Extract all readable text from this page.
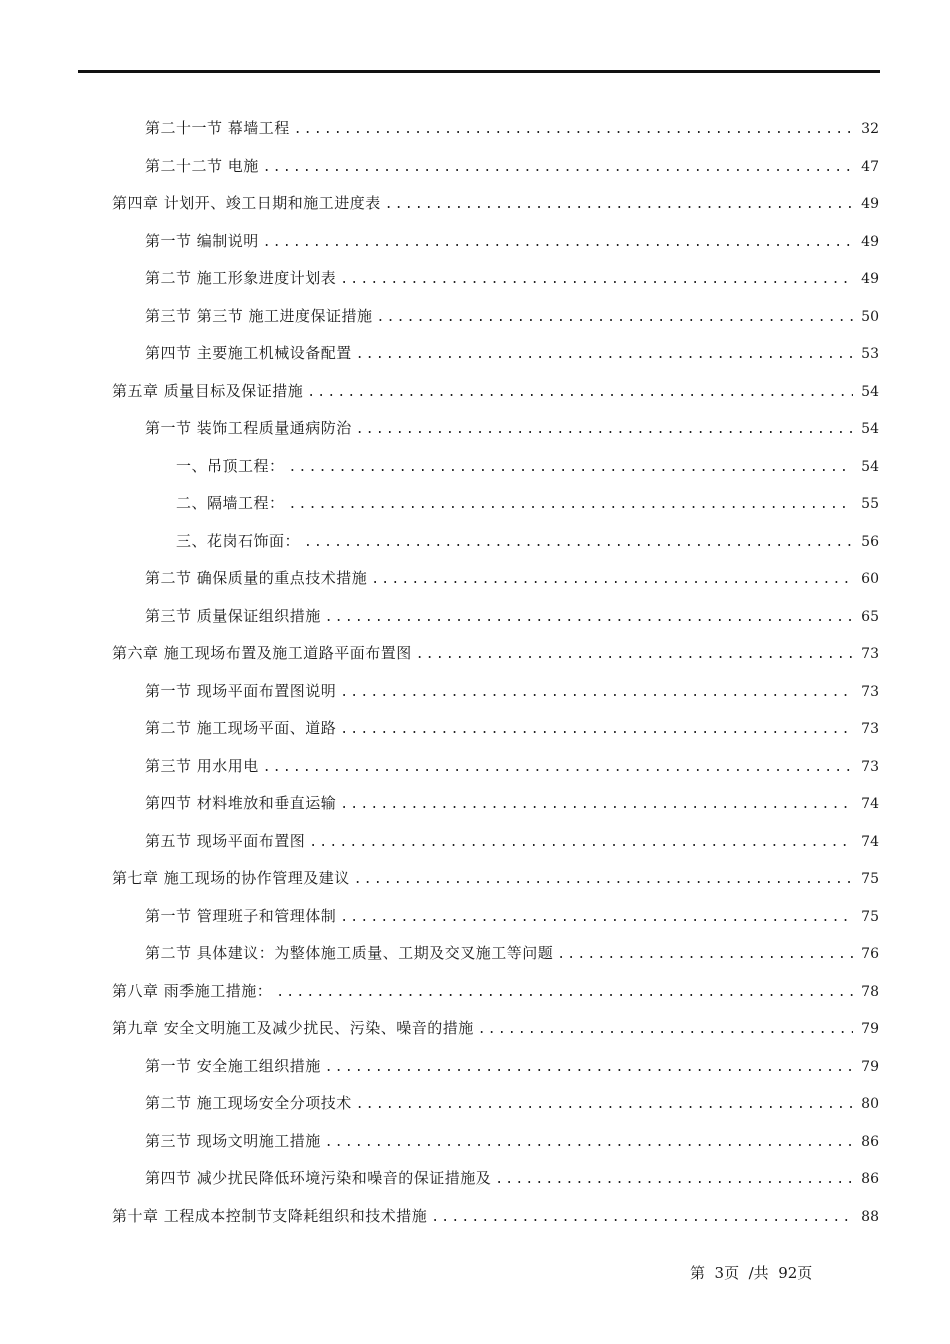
第二十一节 幕墙工程 .....	32
第二十二节 电施 .....	47
第四章 计划开、竣工日期和施工进度表 .....	49
第一节 编制说明 .....	49
第二节 施工形象进度计划表 .....	49
第三节 第三节 施工进度保证措施 .....	50
第四节 主要施工机械设备配置 .....	53
第五章 质量目标及保证措施 .....	54
第一节 装饰工程质量通病防治 .....	54
一、吊顶工程： .....	54
二、隔墙工程： .....	55
三、花岗石饰面： .....	56
第二节 确保质量的重点技术措施 .....	60
第三节 质量保证组织措施 .....	65
第六章 施工现场布置及施工道路平面布置图 .....	73
第一节 现场平面布置图说明 .....	73
第二节 施工现场平面、道路 .....	73
第三节 用水用电 .....	73
第四节 材料堆放和垂直运输 .....	74
第五节 现场平面布置图 .....	74
第七章 施工现场的协作管理及建议 .....	75
第一节 管理班子和管理体制 .....	75
第二节 具体建议：为整体施工质量、工期及交叉施工等问题 .....	76
第八章 雨季施工措施： .....	78
第九章 安全文明施工及减少扰民、污染、噪音的措施 .....	79
第一节 安全施工组织措施 .....	79
第二节 施工现场安全分项技术 .....	80
第三节 现场文明施工措施 .....	86
第四节 减少扰民降低环境污染和噪音的保证措施及 .....	86
第十章 工程成本控制节支降耗组织和技术措施 .....	88
第  3页  /共  92页
